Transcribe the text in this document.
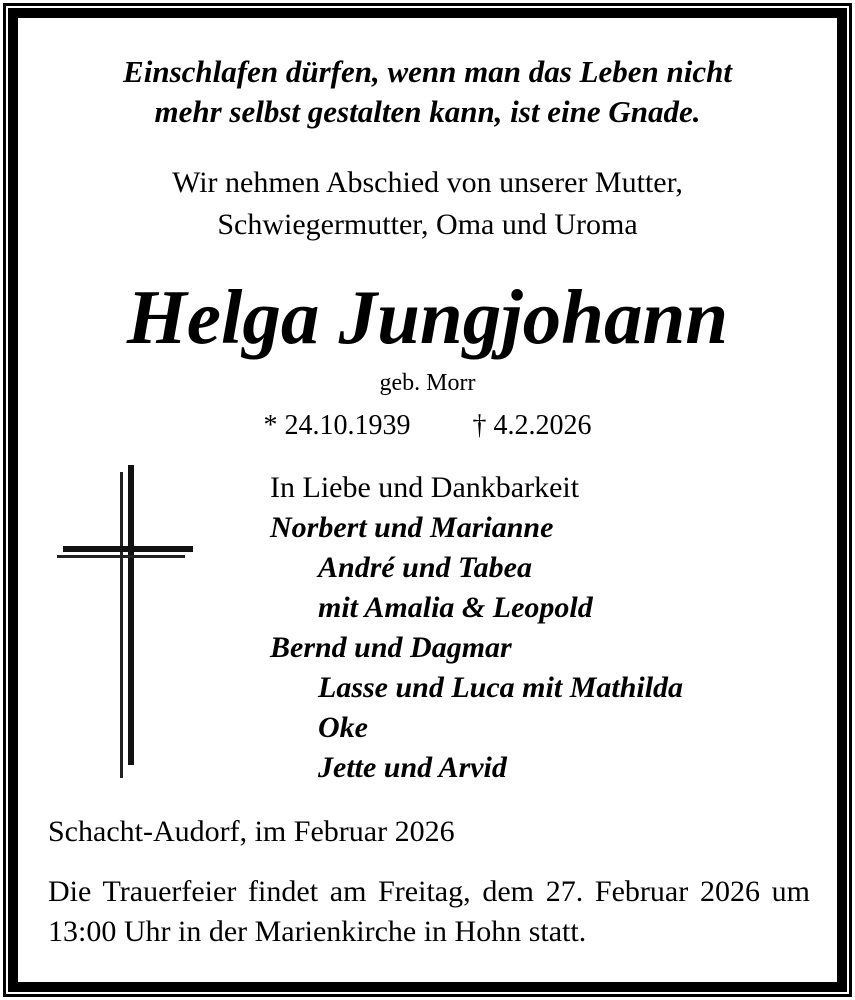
Einschlafen dürfen, wenn man das Leben nicht
mehr selbst gestalten kann, ist eine Gnade.
Wir nehmen Abschied von unserer Mutter,
Schwiegermutter, Oma und Uroma
Helga Jungjohann
geb. Morr
* 24.10.1939 † 4.2.2026
In Liebe und Dankbarkeit
Norbert und Marianne
André und Tabea
mit Amalia & Leopold
Bernd und Dagmar
Lasse und Luca mit Mathilda
Oke
Jette und Arvid
Schacht-Audorf, im Februar 2026
Die Trauerfeier findet am Freitag, dem 27. Februar 2026 um 13:00 Uhr in der Marienkirche in Hohn statt.
